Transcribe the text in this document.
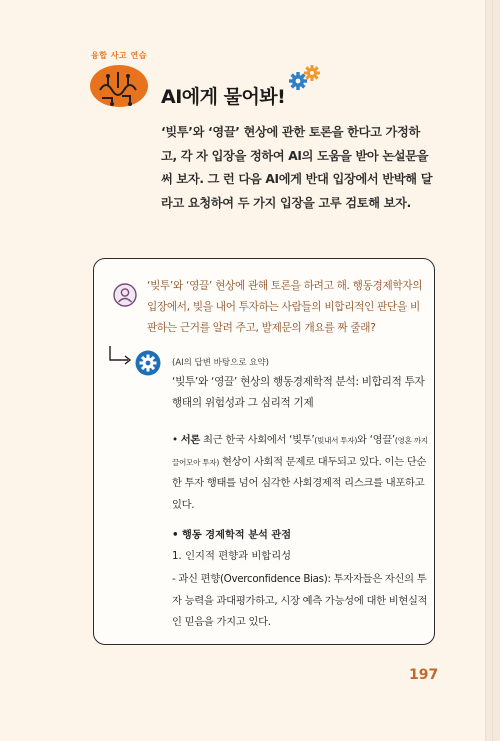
융합 사고 연습
AI에게 물어봐!
‘빚투’와 ‘영끌’ 현상에 관한 토론을 한다고 가정하고, 각 자 입장을 정하여 AI의 도움을 받아 논설문을 써 보자. 그 런 다음 AI에게 반대 입장에서 반박해 달라고 요청하여 두 가지 입장을 고루 검토해 보자.
‘빚투’와 ‘영끌’ 현상에 관해 토론을 하려고 해. 행동경제학자의 입장에서, 빚을 내어 투자하는 사람들의 비합리적인 판단을 비판하는 근거를 알려 주고, 발제문의 개요를 짜 줄래?
(AI의 답변 바탕으로 요약)
‘빚투’와 ‘영끌’ 현상의 행동경제학적 분석: 비합리적 투자 행태의 위험성과 그 심리적 기제
• 서론 최근 한국 사회에서 ‘빚투’(빚내서 투자)와 ‘영끌’(영혼 까지 끌어모아 투자) 현상이 사회적 문제로 대두되고 있다. 이는 단순한 투자 행태를 넘어 심각한 사회경제적 리스크를 내포하고 있다.
• 행동 경제학적 분석 관점
1. 인지적 편향과 비합리성
- 과신 편향(Overconfidence Bias): 투자자들은 자신의 투자 능력을 과대평가하고, 시장 예측 가능성에 대한 비현실적인 믿음을 가지고 있다.
197
